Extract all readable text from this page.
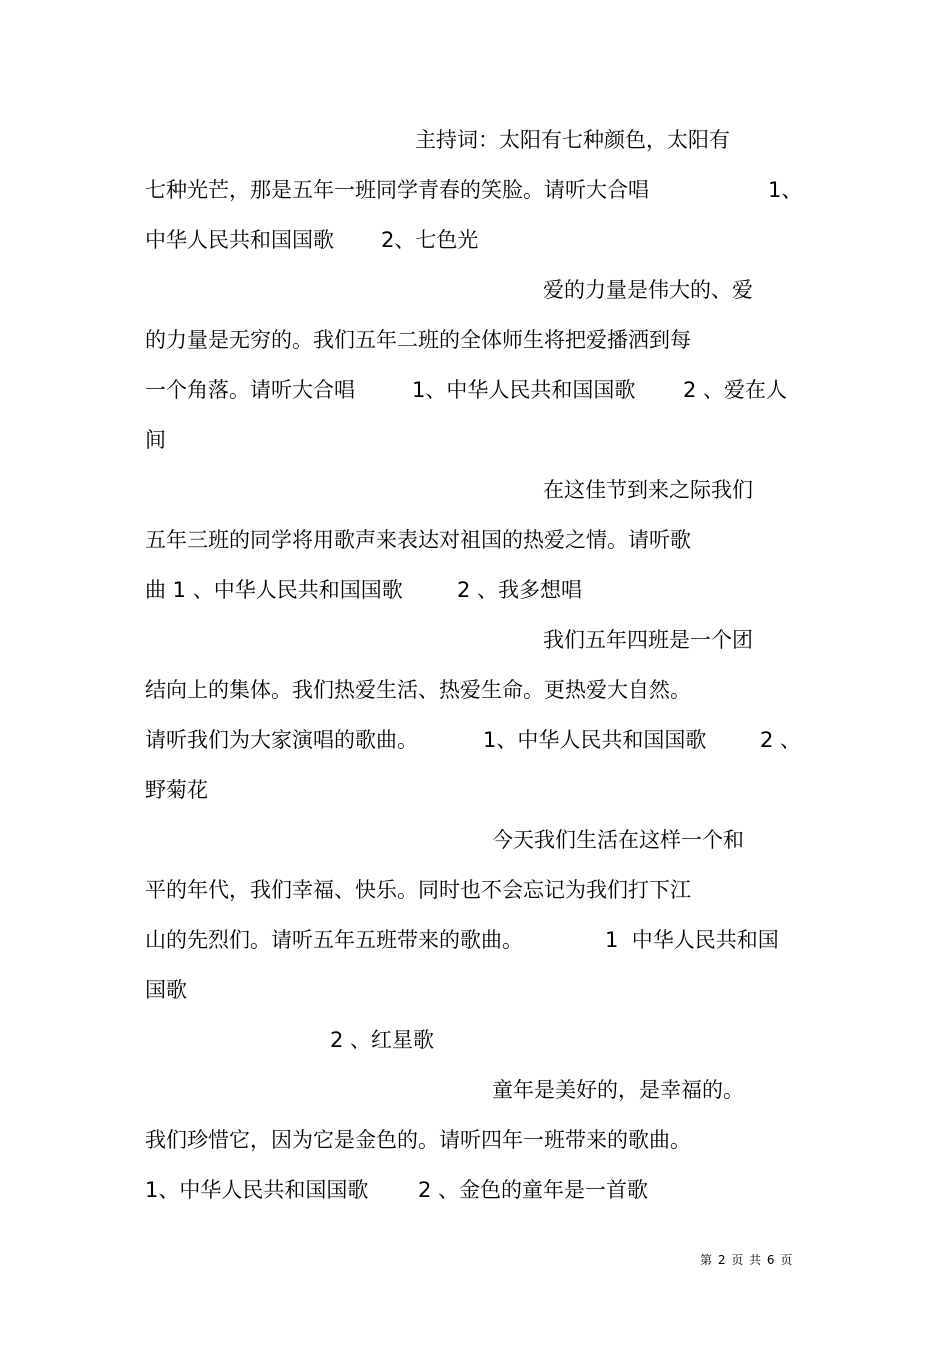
主持词：太阳有七种颜色，太阳有

七种光芒，那是五年一班同学青春的笑脸。请听大合唱	1、

中华人民共和国国歌 2、七色光

爱的力量是伟大的、爱

的力量是无穷的。我们五年二班的全体师生将把爱播洒到每

一个角落。请听大合唱	1、中华人民共和国国歌 2 、爱在人

间

在这佳节到来之际我们

五年三班的同学将用歌声来表达对祖国的热爱之情。请听歌

曲 1 、中华人民共和国国歌	2 、我多想唱

我们五年四班是一个团

结向上的集体。我们热爱生活、热爱生命。更热爱大自然。

请听我们为大家演唱的歌曲。	1、中华人民共和国国歌	2 、

野菊花

今天我们生活在这样一个和

平的年代，我们幸福、快乐。同时也不会忘记为我们打下江

山的先烈们。请听五年五班带来的歌曲。	1  中华人民共和国

国歌

2 、红星歌

童年是美好的，是幸福的。

我们珍惜它，因为它是金色的。请听四年一班带来的歌曲。

1、中华人民共和国国歌 2 、金色的童年是一首歌

第 2 页 共 6 页
